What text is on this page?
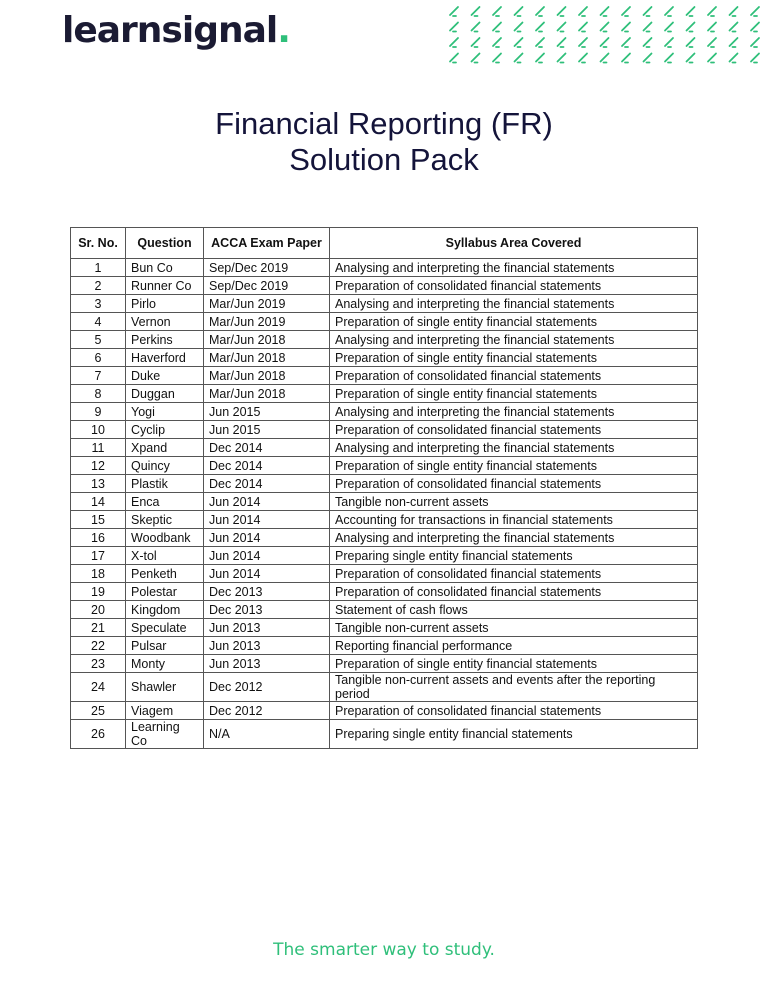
learnsignal.
Financial Reporting (FR)
Solution Pack
Sr. No.	Question	ACCA Exam Paper	Syllabus Area Covered
1	Bun Co	Sep/Dec 2019	Analysing and interpreting the financial statements
2	Runner Co	Sep/Dec 2019	Preparation of consolidated financial statements
3	Pirlo	Mar/Jun 2019	Analysing and interpreting the financial statements
4	Vernon	Mar/Jun 2019	Preparation of single entity financial statements
5	Perkins	Mar/Jun 2018	Analysing and interpreting the financial statements
6	Haverford	Mar/Jun 2018	Preparation of single entity financial statements
7	Duke	Mar/Jun 2018	Preparation of consolidated financial statements
8	Duggan	Mar/Jun 2018	Preparation of single entity financial statements
9	Yogi	Jun 2015	Analysing and interpreting the financial statements
10	Cyclip	Jun 2015	Preparation of consolidated financial statements
11	Xpand	Dec 2014	Analysing and interpreting the financial statements
12	Quincy	Dec 2014	Preparation of single entity financial statements
13	Plastik	Dec 2014	Preparation of consolidated financial statements
14	Enca	Jun 2014	Tangible non-current assets
15	Skeptic	Jun 2014	Accounting for transactions in financial statements
16	Woodbank	Jun 2014	Analysing and interpreting the financial statements
17	X-tol	Jun 2014	Preparing single entity financial statements
18	Penketh	Jun 2014	Preparation of consolidated financial statements
19	Polestar	Dec 2013	Preparation of consolidated financial statements
20	Kingdom	Dec 2013	Statement of cash flows
21	Speculate	Jun 2013	Tangible non-current assets
22	Pulsar	Jun 2013	Reporting financial performance
23	Monty	Jun 2013	Preparation of single entity financial statements
24	Shawler	Dec 2012	Tangible non-current assets and events after the reporting period
25	Viagem	Dec 2012	Preparation of consolidated financial statements
26	Learning Co	N/A	Preparing single entity financial statements
The smarter way to study.
